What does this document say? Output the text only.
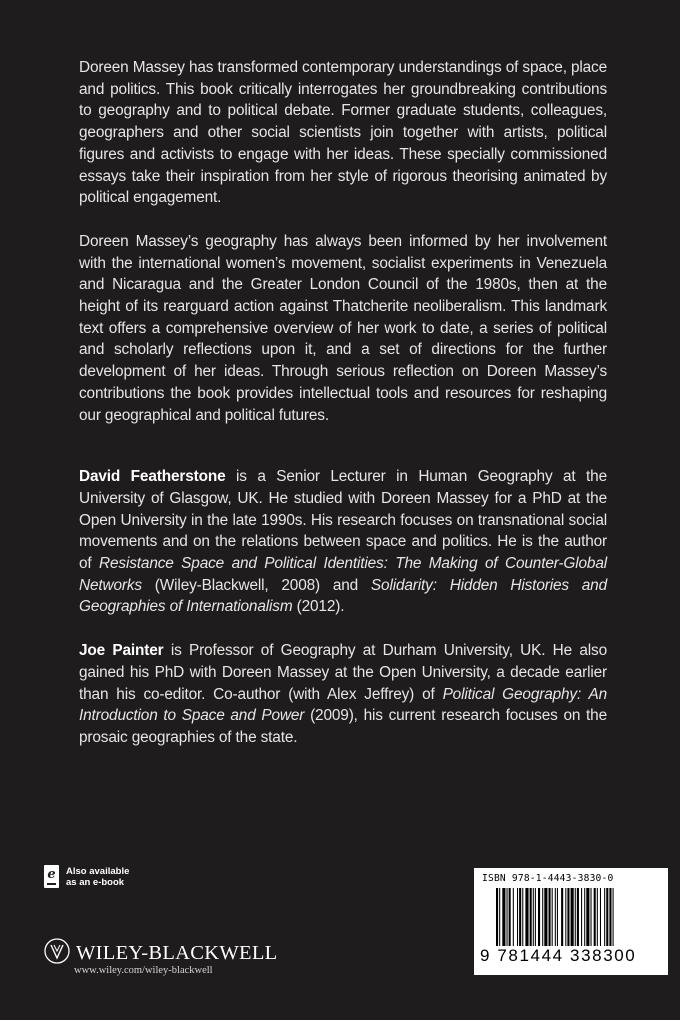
Doreen Massey has transformed contemporary understandings of space, place and politics. This book critically interrogates her groundbreaking contributions to geography and to political debate. Former graduate students, colleagues, geographers and other social scientists join together with artists, political figures and activists to engage with her ideas. These specially commissioned essays take their inspiration from her style of rigorous theorising animated by political engagement.

Doreen Massey’s geography has always been informed by her involvement with the international women’s movement, socialist experiments in Venezuela and Nicaragua and the Greater London Council of the 1980s, then at the height of its rearguard action against Thatcherite neoliberalism. This landmark text offers a comprehensive overview of her work to date, a series of political and scholarly reflections upon it, and a set of directions for the further development of her ideas. Through serious reflection on Doreen Massey’s contributions the book provides intellectual tools and resources for reshaping our geographical and political futures.

David Featherstone is a Senior Lecturer in Human Geography at the University of Glasgow, UK. He studied with Doreen Massey for a PhD at the Open University in the late 1990s. His research focuses on transnational social movements and on the relations between space and politics. He is the author of Resistance Space and Political Identities: The Making of Counter-Global Networks (Wiley-Blackwell, 2008) and Solidarity: Hidden Histories and Geographies of Internationalism (2012).

Joe Painter is Professor of Geography at Durham University, UK. He also gained his PhD with Doreen Massey at the Open University, a decade earlier than his co-editor. Co-author (with Alex Jeffrey) of Political Geography: An Introduction to Space and Power (2009), his current research focuses on the prosaic geographies of the state.

e	Also available
as an e-book
WILEY-BLACKWELL
www.wiley.com/wiley-blackwell
ISBN 978-1-4443-3830-0
9 781444 338300
